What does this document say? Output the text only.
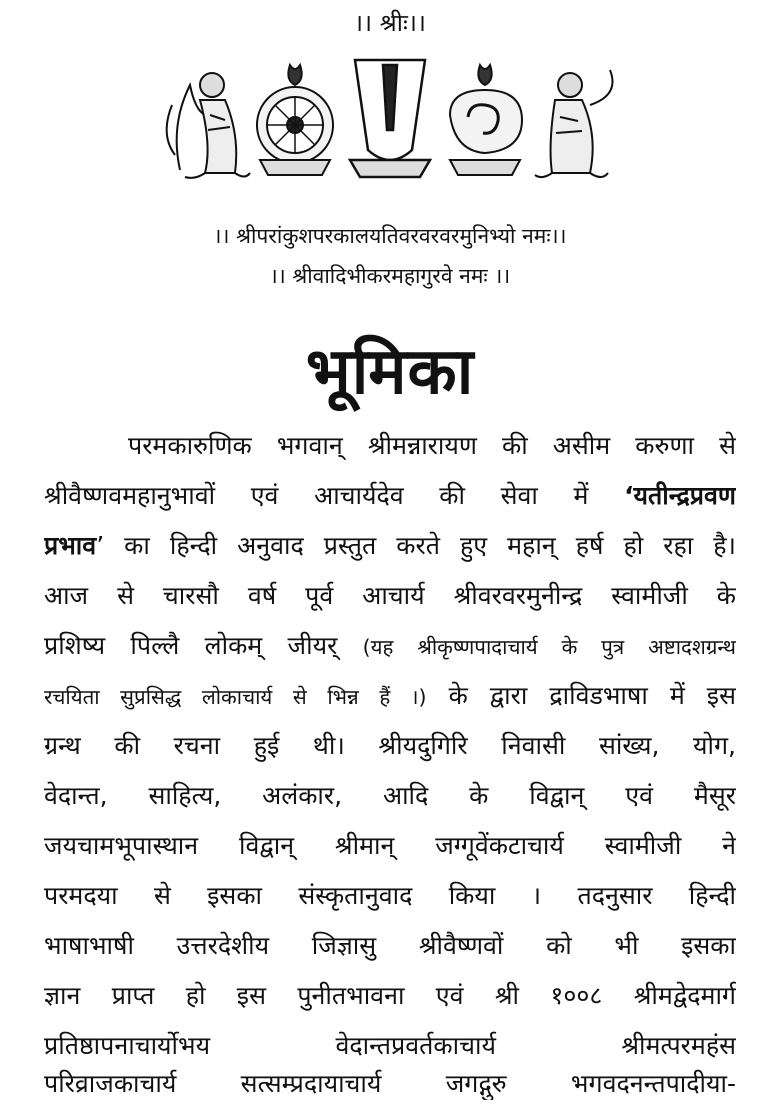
।। श्रीः।।
।। श्रीपरांकुशपरकालयतिवरवरवरमुनिभ्यो नमः।।
।। श्रीवादिभीकरमहागुरवे नमः ।।
भूमिका
परमकारुणिक भगवान् श्रीमन्नारायण की असीम करुणा से
श्रीवैष्णवमहानुभावों एवं आचार्यदेव की सेवा में ‘यतीन्द्रप्रवण
प्रभाव’ का हिन्दी अनुवाद प्रस्तुत करते हुए महान् हर्ष हो रहा है।
आज से चारसौ वर्ष पूर्व आचार्य श्रीवरवरमुनीन्द्र स्वामीजी के
प्रशिष्य पिल्लै लोकम् जीयर् (यह श्रीकृष्णपादाचार्य के पुत्र अष्टादशग्रन्थ
रचयिता सुप्रसिद्ध लोकाचार्य से भिन्न हैं ।) के द्वारा द्राविडभाषा में इस
ग्रन्थ की रचना हुई थी। श्रीयदुगिरि निवासी सांख्य, योग,
वेदान्त, साहित्य, अलंकार, आदि के विद्वान् एवं मैसूर
जयचामभूपास्थान विद्वान् श्रीमान् जग्गूवेंकटाचार्य स्वामीजी ने
परमदया से इसका संस्कृतानुवाद किया । तदनुसार हिन्दी
भाषाभाषी उत्तरदेशीय जिज्ञासु श्रीवैष्णवों को भी इसका
ज्ञान प्राप्त हो इस पुनीतभावना एवं श्री १००८ श्रीमद्वेदमार्ग
प्रतिष्ठापनाचार्योभय वेदान्तप्रवर्तकाचार्य श्रीमत्परमहंस
परिव्राजकाचार्य सत्सम्प्रदायाचार्य जगद्गुरु भगवदनन्तपादीया-
